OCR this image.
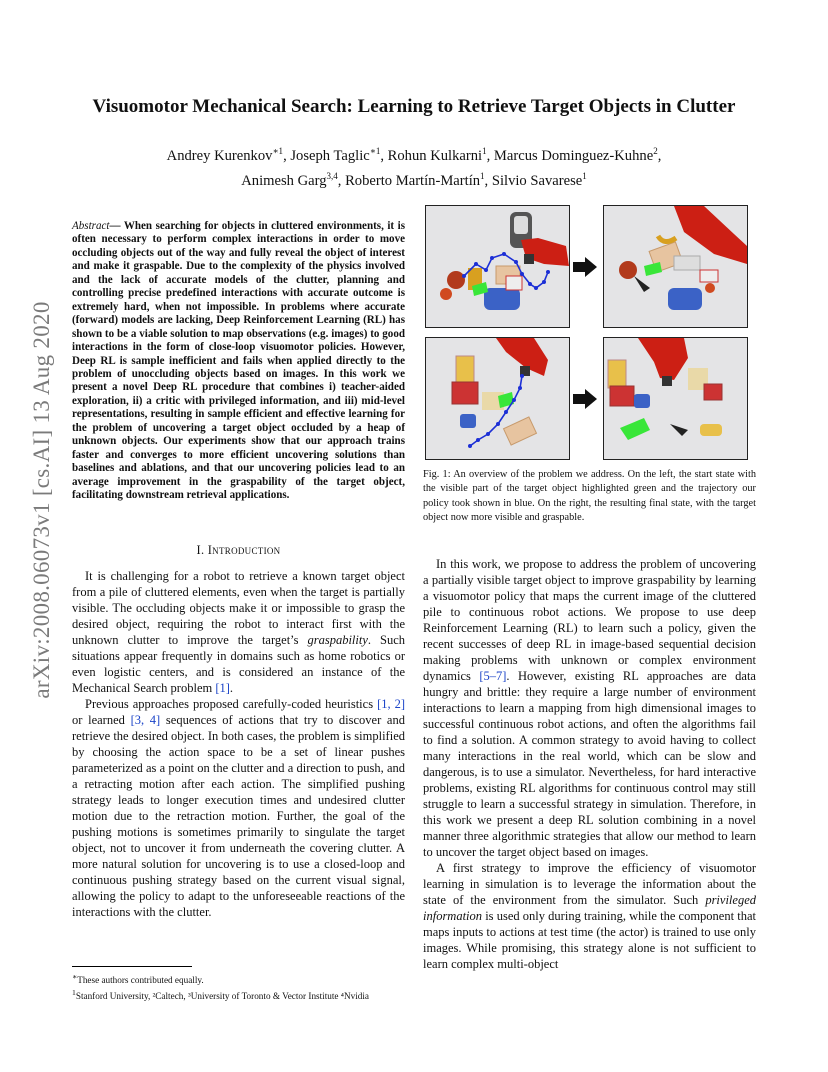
arXiv:2008.06073v1 [cs.AI] 13 Aug 2020
Visuomotor Mechanical Search: Learning to Retrieve Target Objects in Clutter
Andrey Kurenkov$^{∗1}$, Joseph Taglic$^{∗1}$, Rohun Kulkarni$^1$, Marcus Dominguez-Kuhne$^2$,
Animesh Garg$^{3,4}$, Roberto Martín-Martín$^1$, Silvio Savarese$^1$
Abstract— When searching for objects in cluttered environments, it is often necessary to perform complex interactions in order to move occluding objects out of the way and fully reveal the object of interest and make it graspable. Due to the complexity of the physics involved and the lack of accurate models of the clutter, planning and controlling precise predefined interactions with accurate outcome is extremely hard, when not impossible. In problems where accurate (forward) models are lacking, Deep Reinforcement Learning (RL) has shown to be a viable solution to map observations (e.g. images) to good interactions in the form of close-loop visuomotor policies. However, Deep RL is sample inefficient and fails when applied directly to the problem of unoccluding objects based on images. In this work we present a novel Deep RL procedure that combines i) teacher-aided exploration, ii) a critic with privileged information, and iii) mid-level representations, resulting in sample efficient and effective learning for the problem of uncovering a target object occluded by a heap of unknown objects. Our experiments show that our approach trains faster and converges to more efficient uncovering solutions than baselines and ablations, and that our uncovering policies lead to an average improvement in the graspability of the target object, facilitating downstream retrieval applications.
I. Introduction

It is challenging for a robot to retrieve a known target object from a pile of cluttered elements, even when the target is partially visible. The occluding objects make it or impossible to grasp the desired object, requiring the robot to interact first with the unknown clutter to improve the target’s graspability. Such situations appear frequently in domains such as home robotics or even logistic centers, and is considered an instance of the Mechanical Search problem [1].

Previous approaches proposed carefully-coded heuristics [1, 2] or learned [3, 4] sequences of actions that try to discover and retrieve the desired object. In both cases, the problem is simplified by choosing the action space to be a set of linear pushes parameterized as a point on the clutter and a direction to push, and a retracting motion after each action. The simplified pushing strategy leads to longer execution times and undesired clutter motion due to the retraction motion. Further, the goal of the pushing motions is sometimes primarily to singulate the target object, not to uncover it from underneath the covering clutter. A more natural solution for uncovering is to use a closed-loop and continuous pushing strategy based on the current visual signal, allowing the policy to adapt to the unforeseeable reactions of the interactions with the clutter.

∗These authors contributed equally.
$^1$Stanford University, ²Caltech, ³University of Toronto & Vector Institute ⁴Nvidia
Fig. 1: An overview of the problem we address. On the left, the start state with the visible part of the target object highlighted green and the trajectory our policy took shown in blue. On the right, the resulting final state, with the target object now more visible and graspable.

In this work, we propose to address the problem of uncovering a partially visible target object to improve graspability by learning a visuomotor policy that maps the current image of the cluttered pile to continuous robot actions. We propose to use deep Reinforcement Learning (RL) to learn such a policy, given the recent successes of deep RL in image-based sequential decision making problems with unknown or complex environment dynamics [5–7]. However, existing RL approaches are data hungry and brittle: they require a large number of environment interactions to learn a mapping from high dimensional images to successful continuous robot actions, and often the algorithms fail to find a solution. A common strategy to avoid having to collect many interactions in the real world, which can be slow and dangerous, is to use a simulator. Nevertheless, for hard interactive problems, existing RL algorithms for continuous control may still struggle to learn a successful strategy in simulation. Therefore, in this work we present a deep RL solution combining in a novel manner three algorithmic strategies that allow our method to learn to uncover the target object based on images.

A first strategy to improve the efficiency of visuomotor learning in simulation is to leverage the information about the state of the environment from the simulator. Such privileged information is used only during training, while the component that maps inputs to actions at test time (the actor) is trained to use only images. While promising, this strategy alone is not sufficient to learn complex multi-object
